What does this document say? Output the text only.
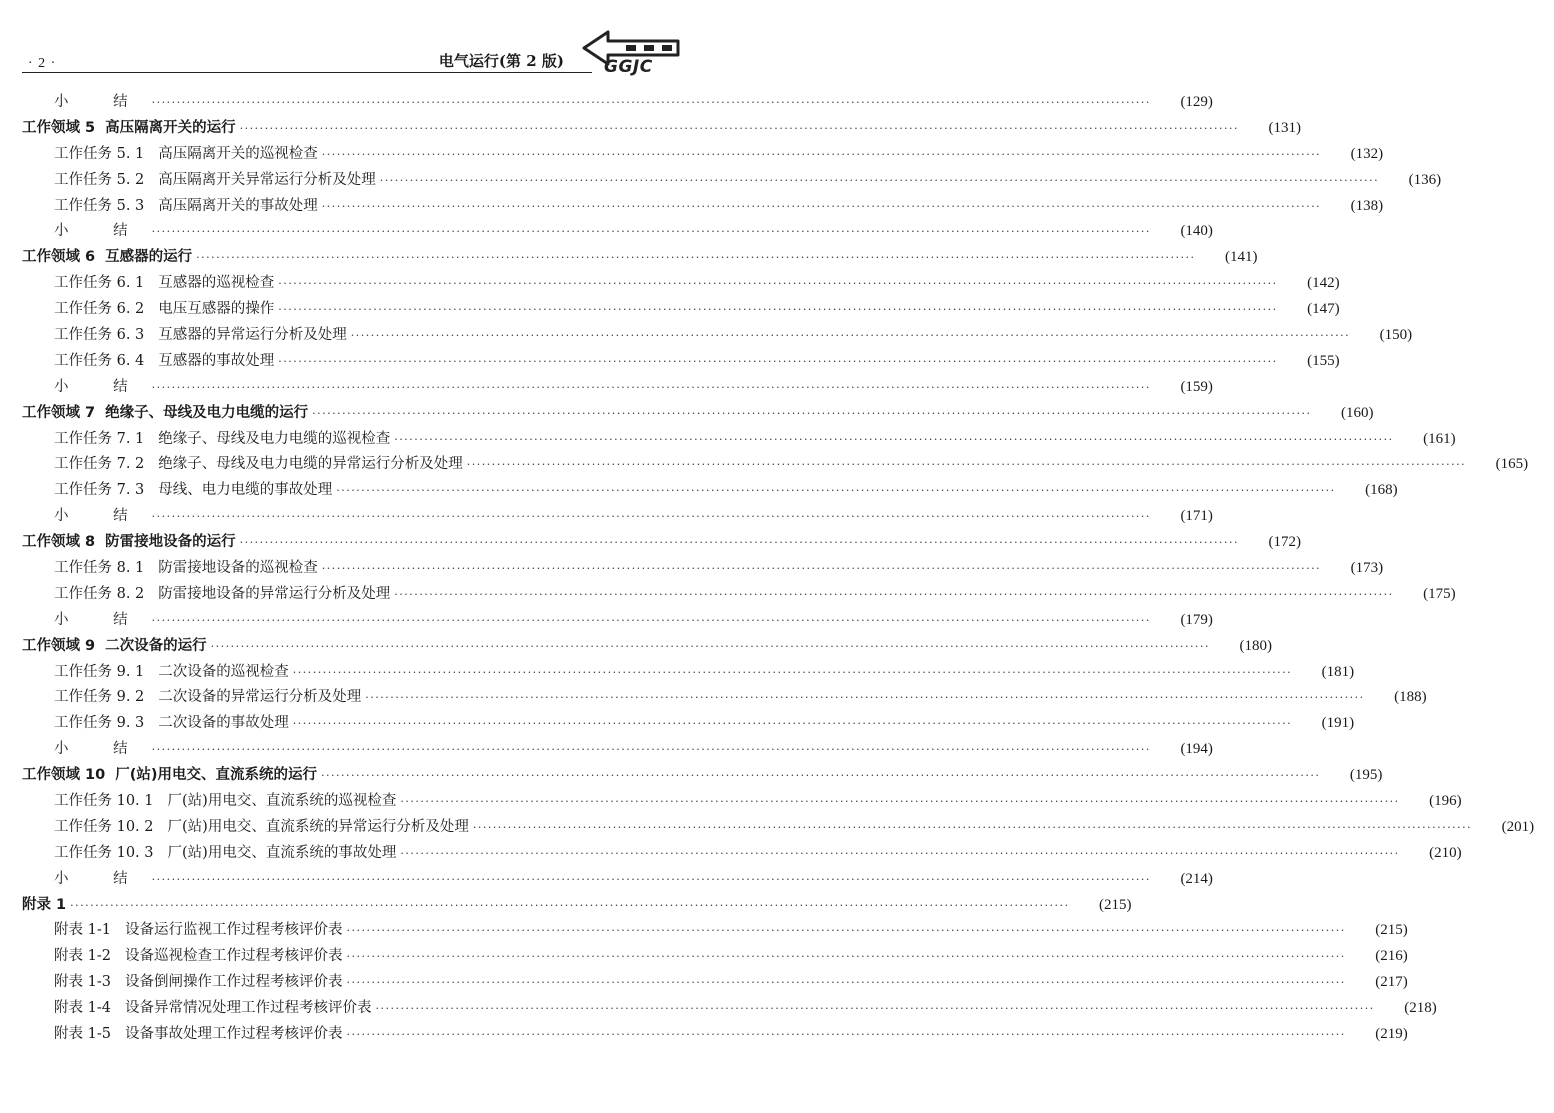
· 2 ·	电气运行(第 2 版) GGJC
小 结 ········································································································································································································	(129)
工作领域 5 高压隔离开关的运行 ········································································································································································································	(131)
工作任务 5. 1 高压隔离开关的巡视检查 ········································································································································································································	(132)
工作任务 5. 2 高压隔离开关异常运行分析及处理 ········································································································································································································	(136)
工作任务 5. 3 高压隔离开关的事故处理 ········································································································································································································	(138)
小 结 ········································································································································································································	(140)
工作领域 6 互感器的运行 ········································································································································································································	(141)
工作任务 6. 1 互感器的巡视检查 ········································································································································································································	(142)
工作任务 6. 2 电压互感器的操作 ········································································································································································································	(147)
工作任务 6. 3 互感器的异常运行分析及处理 ········································································································································································································	(150)
工作任务 6. 4 互感器的事故处理 ········································································································································································································	(155)
小 结 ········································································································································································································	(159)
工作领域 7 绝缘子、母线及电力电缆的运行 ········································································································································································································	(160)
工作任务 7. 1 绝缘子、母线及电力电缆的巡视检查 ········································································································································································································	(161)
工作任务 7. 2 绝缘子、母线及电力电缆的异常运行分析及处理 ········································································································································································································	(165)
工作任务 7. 3 母线、电力电缆的事故处理 ········································································································································································································	(168)
小 结 ········································································································································································································	(171)
工作领域 8 防雷接地设备的运行 ········································································································································································································	(172)
工作任务 8. 1 防雷接地设备的巡视检查 ········································································································································································································	(173)
工作任务 8. 2 防雷接地设备的异常运行分析及处理 ········································································································································································································	(175)
小 结 ········································································································································································································	(179)
工作领域 9 二次设备的运行 ········································································································································································································	(180)
工作任务 9. 1 二次设备的巡视检查 ········································································································································································································	(181)
工作任务 9. 2 二次设备的异常运行分析及处理 ········································································································································································································	(188)
工作任务 9. 3 二次设备的事故处理 ········································································································································································································	(191)
小 结 ········································································································································································································	(194)
工作领域 10 厂(站)用电交、直流系统的运行 ········································································································································································································	(195)
工作任务 10. 1 厂(站)用电交、直流系统的巡视检查 ········································································································································································································	(196)
工作任务 10. 2 厂(站)用电交、直流系统的异常运行分析及处理 ········································································································································································································	(201)
工作任务 10. 3 厂(站)用电交、直流系统的事故处理 ········································································································································································································	(210)
小 结 ········································································································································································································	(214)
附录 1 ········································································································································································································	(215)
附表 1-1 设备运行监视工作过程考核评价表 ········································································································································································································	(215)
附表 1-2 设备巡视检查工作过程考核评价表 ········································································································································································································	(216)
附表 1-3 设备倒闸操作工作过程考核评价表 ········································································································································································································	(217)
附表 1-4 设备异常情况处理工作过程考核评价表 ········································································································································································································	(218)
附表 1-5 设备事故处理工作过程考核评价表 ········································································································································································································	(219)
